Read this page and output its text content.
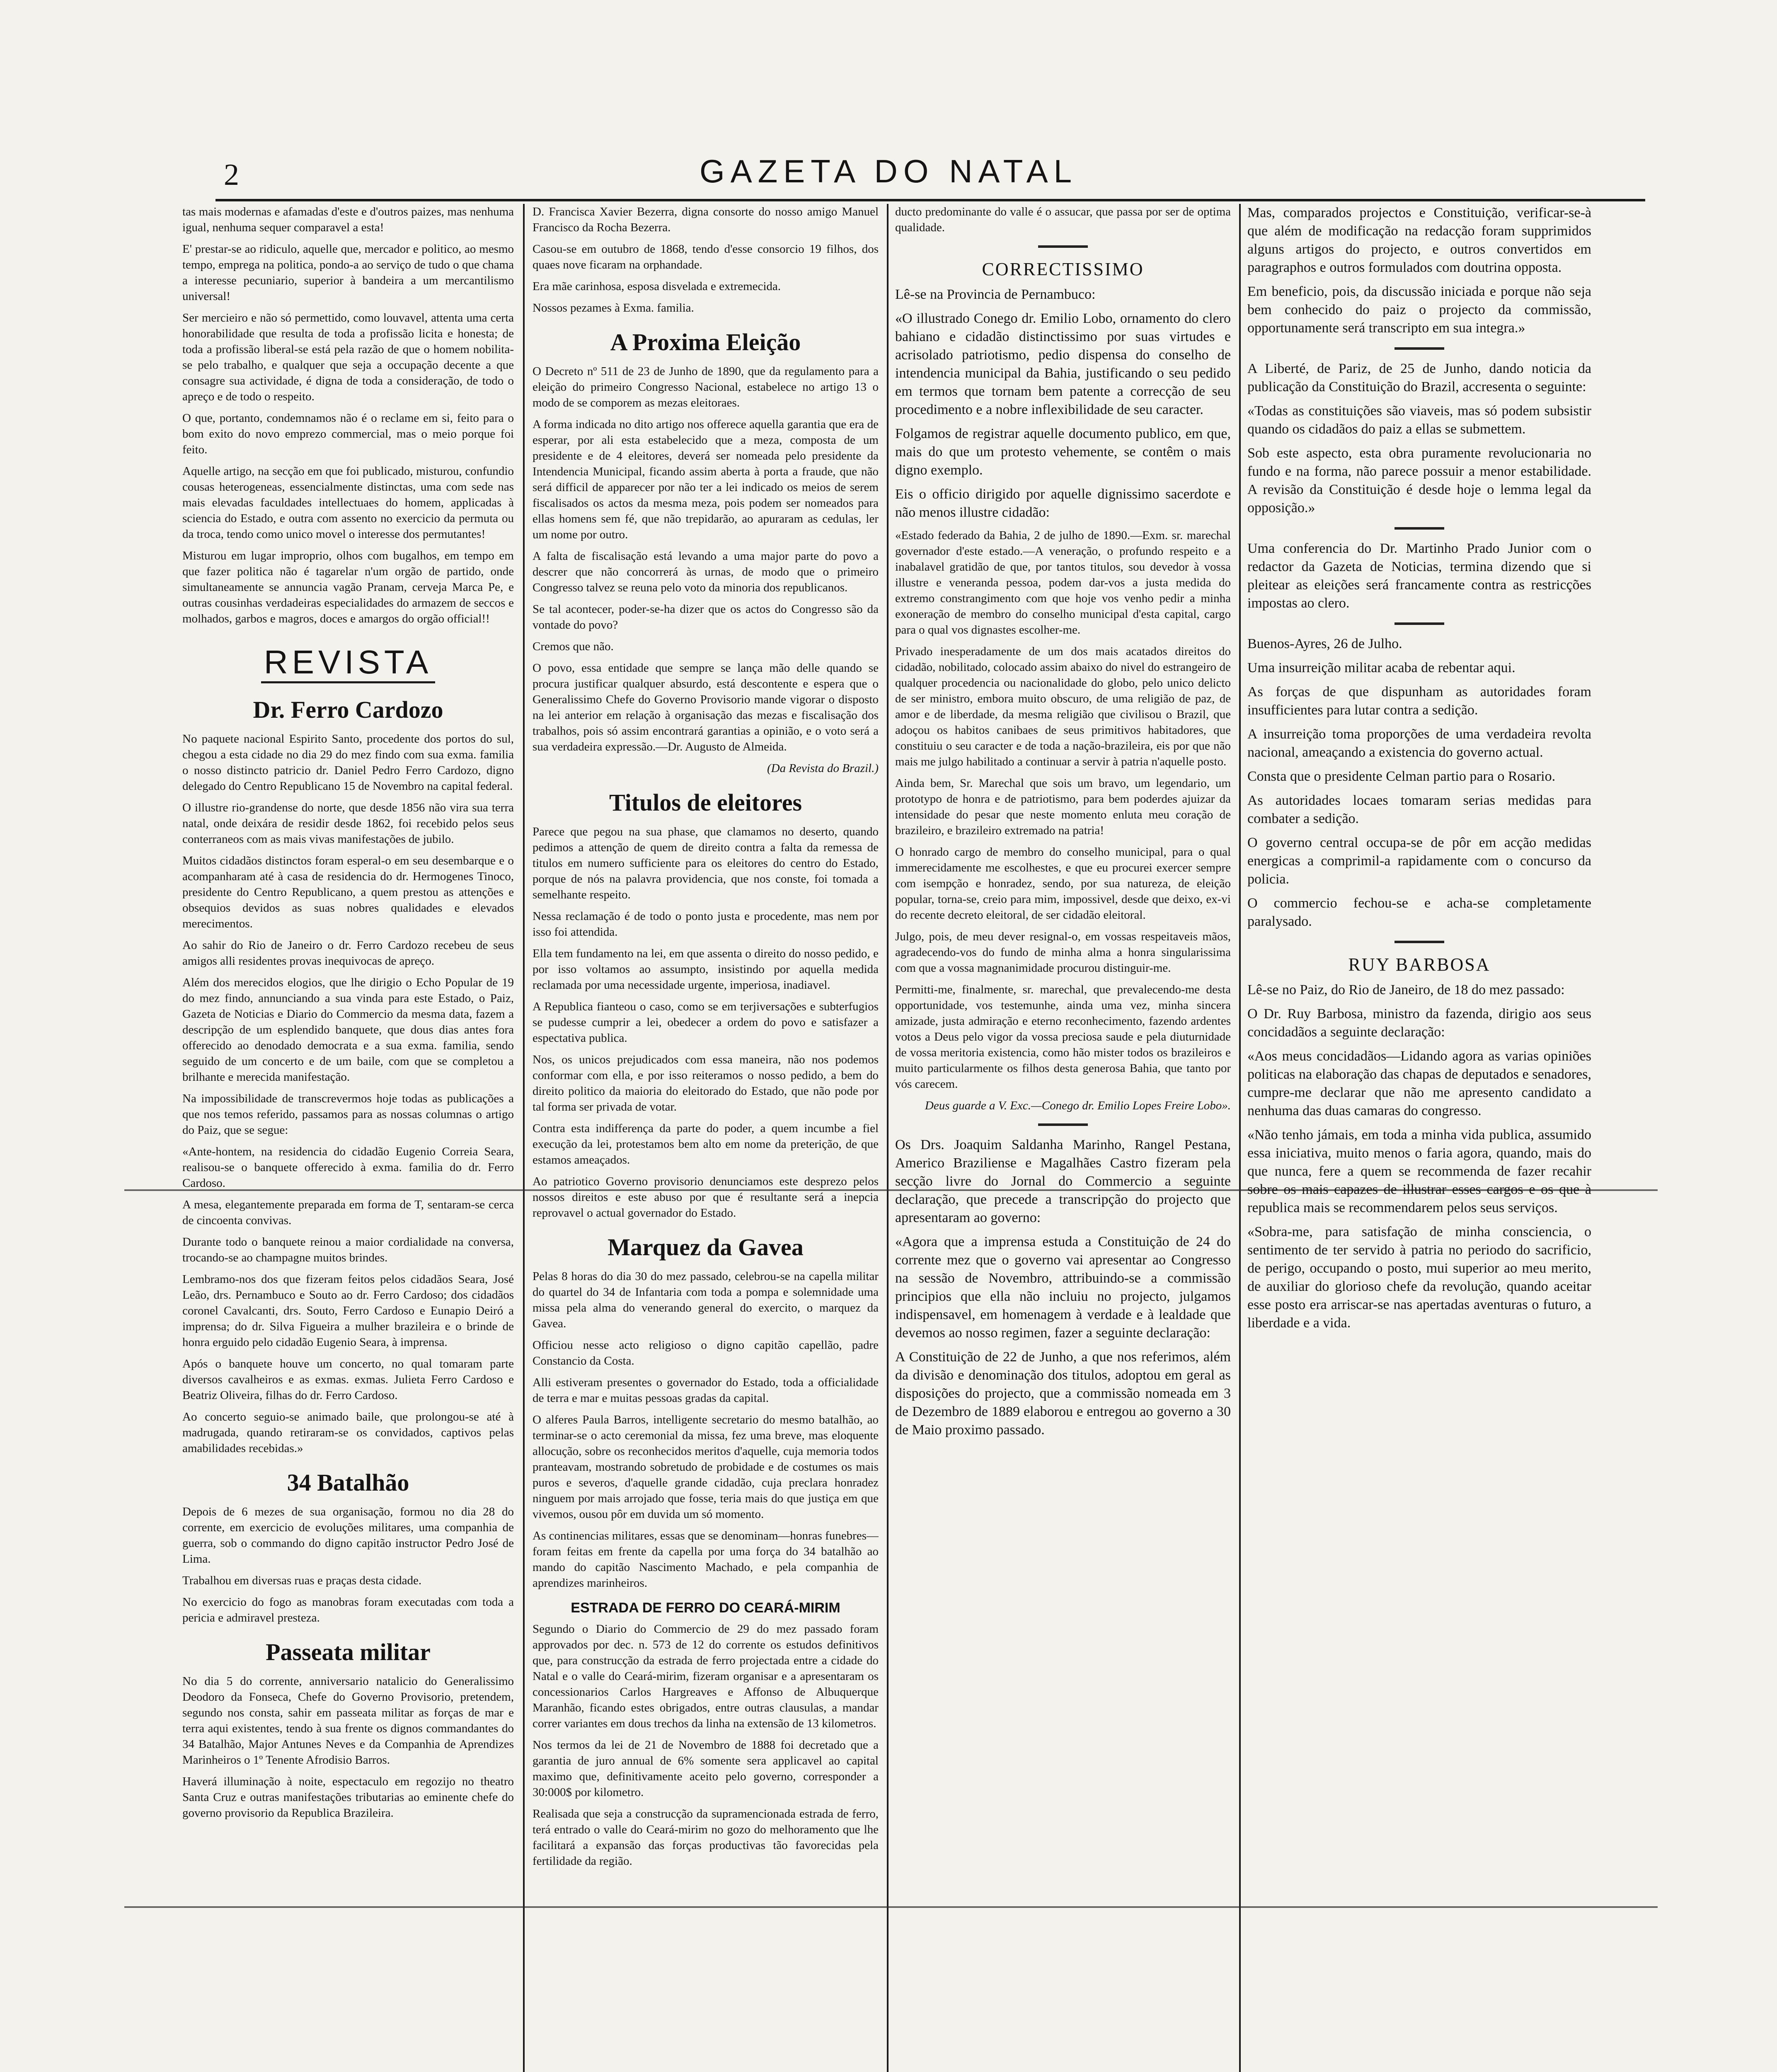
2	GAZETA DO NATAL

tas mais modernas e afamadas d'este e d'outros paizes, mas nenhuma igual, nenhuma sequer comparavel a esta!

E' prestar-se ao ridiculo, aquelle que, mercador e politico, ao mesmo tempo, emprega na politica, pondo-a ao serviço de tudo o que chama a interesse pecuniario, superior à bandeira a um mercantilismo universal!

Ser mercieiro e não só permettido, como louvavel, attenta uma certa honorabilidade que resulta de toda a profissão licita e honesta; de toda a profissão liberal-se está pela razão de que o homem nobilita-se pelo trabalho, e qualquer que seja a occupação decente a que consagre sua actividade, é digna de toda a consideração, de todo o apreço e de todo o respeito.

O que, portanto, condemnamos não é o reclame em si, feito para o bom exito do novo emprezo commercial, mas o meio porque foi feito.

Aquelle artigo, na secção em que foi publicado, misturou, confundio cousas heterogeneas, essencialmente distinctas, uma com sede nas mais elevadas faculdades intellectuaes do homem, applicadas à sciencia do Estado, e outra com assento no exercicio da permuta ou da troca, tendo como unico movel o interesse dos permutantes!

Misturou em lugar improprio, olhos com bugalhos, em tempo em que fazer politica não é tagarelar n'um orgão de partido, onde simultaneamente se annuncia vagão Pranam, cerveja Marca Pe, e outras cousinhas verdadeiras especialidades do armazem de seccos e molhados, garbos e magros, doces e amargos do orgão official!!

REVISTA
Dr. Ferro Cardozo

No paquete nacional Espirito Santo, procedente dos portos do sul, chegou a esta cidade no dia 29 do mez findo com sua exma. familia o nosso distincto patricio dr. Daniel Pedro Ferro Cardozo, digno delegado do Centro Republicano 15 de Novembro na capital federal.

O illustre rio-grandense do norte, que desde 1856 não vira sua terra natal, onde deixára de residir desde 1862, foi recebido pelos seus conterraneos com as mais vivas manifestações de jubilo.

Muitos cidadãos distinctos foram esperal-o em seu desembarque e o acompanharam até à casa de residencia do dr. Hermogenes Tinoco, presidente do Centro Republicano, a quem prestou as attenções e obsequios devidos as suas nobres qualidades e elevados merecimentos.

Ao sahir do Rio de Janeiro o dr. Ferro Cardozo recebeu de seus amigos alli residentes provas inequivocas de apreço.

Além dos merecidos elogios, que lhe dirigio o Echo Popular de 19 do mez findo, annunciando a sua vinda para este Estado, o Paiz, Gazeta de Noticias e Diario do Commercio da mesma data, fazem a descripção de um esplendido banquete, que dous dias antes fora offerecido ao denodado democrata e a sua exma. familia, sendo seguido de um concerto e de um baile, com que se completou a brilhante e merecida manifestação.

Na impossibilidade de transcrevermos hoje todas as publicações a que nos temos referido, passamos para as nossas columnas o artigo do Paiz, que se segue:

«Ante-hontem, na residencia do cidadão Eugenio Correia Seara, realisou-se o banquete offerecido à exma. familia do dr. Ferro Cardoso.

A mesa, elegantemente preparada em forma de T, sentaram-se cerca de cincoenta convivas.

Durante todo o banquete reinou a maior cordialidade na conversa, trocando-se ao champagne muitos brindes.

Lembramo-nos dos que fizeram feitos pelos cidadãos Seara, José Leão, drs. Pernambuco e Souto ao dr. Ferro Cardoso; dos cidadãos coronel Cavalcanti, drs. Souto, Ferro Cardoso e Eunapio Deiró a imprensa; do dr. Silva Figueira a mulher brazileira e o brinde de honra erguido pelo cidadão Eugenio Seara, à imprensa.

Após o banquete houve um concerto, no qual tomaram parte diversos cavalheiros e as exmas. exmas. Julieta Ferro Cardoso e Beatriz Oliveira, filhas do dr. Ferro Cardoso.

Ao concerto seguio-se animado baile, que prolongou-se até à madrugada, quando retiraram-se os convidados, captivos pelas amabilidades recebidas.»

34 Batalhão

Depois de 6 mezes de sua organisação, formou no dia 28 do corrente, em exercicio de evoluções militares, uma companhia de guerra, sob o commando do digno capitão instructor Pedro José de Lima.

Trabalhou em diversas ruas e praças desta cidade.

No exercicio do fogo as manobras foram executadas com toda a pericia e admiravel presteza.

Passeata militar

No dia 5 do corrente, anniversario natalicio do Generalissimo Deodoro da Fonseca, Chefe do Governo Provisorio, pretendem, segundo nos consta, sahir em passeata militar as forças de mar e terra aqui existentes, tendo à sua frente os dignos commandantes do 34 Batalhão, Major Antunes Neves e da Companhia de Aprendizes Marinheiros o 1º Tenente Afrodisio Barros.

Haverá illuminação à noite, espectaculo em regozijo no theatro Santa Cruz e outras manifestações tributarias ao eminente chefe do governo provisorio da Republica Brazileira.

D. Francisca Xavier Bezerra, digna consorte do nosso amigo Manuel Francisco da Rocha Bezerra.

Casou-se em outubro de 1868, tendo d'esse consorcio 19 filhos, dos quaes nove ficaram na orphandade.

Era mãe carinhosa, esposa disvelada e extremecida.

Nossos pezames à Exma. familia.

A Proxima Eleição

O Decreto nº 511 de 23 de Junho de 1890, que da regulamento para a eleição do primeiro Congresso Nacional, estabelece no artigo 13 o modo de se comporem as mezas eleitoraes.

A forma indicada no dito artigo nos offerece aquella garantia que era de esperar, por ali esta estabelecido que a meza, composta de um presidente e de 4 eleitores, deverá ser nomeada pelo presidente da Intendencia Municipal, ficando assim aberta à porta a fraude, que não será difficil de apparecer por não ter a lei indicado os meios de serem fiscalisados os actos da mesma meza, pois podem ser nomeados para ellas homens sem fé, que não trepidarão, ao apuraram as cedulas, ler um nome por outro.

A falta de fiscalisação está levando a uma major parte do povo a descrer que não concorrerá às urnas, de modo que o primeiro Congresso talvez se reuna pelo voto da minoria dos republicanos.

Se tal acontecer, poder-se-ha dizer que os actos do Congresso são da vontade do povo?

Cremos que não.

O povo, essa entidade que sempre se lança mão delle quando se procura justificar qualquer absurdo, está descontente e espera que o Generalissimo Chefe do Governo Provisorio mande vigorar o disposto na lei anterior em relação à organisação das mezas e fiscalisação dos trabalhos, pois só assim encontrará garantias a opinião, e o voto será a sua verdadeira expressão.—Dr. Augusto de Almeida.

(Da Revista do Brazil.)

Titulos de eleitores

Parece que pegou na sua phase, que clamamos no deserto, quando pedimos a attenção de quem de direito contra a falta da remessa de titulos em numero sufficiente para os eleitores do centro do Estado, porque de nós na palavra providencia, que nos conste, foi tomada a semelhante respeito.

Nessa reclamação é de todo o ponto justa e procedente, mas nem por isso foi attendida.

Ella tem fundamento na lei, em que assenta o direito do nosso pedido, e por isso voltamos ao assumpto, insistindo por aquella medida reclamada por uma necessidade urgente, imperiosa, inadiavel.

A Republica fianteou o caso, como se em terjiversações e subterfugios se pudesse cumprir a lei, obedecer a ordem do povo e satisfazer a espectativa publica.

Nos, os unicos prejudicados com essa maneira, não nos podemos conformar com ella, e por isso reiteramos o nosso pedido, a bem do direito politico da maioria do eleitorado do Estado, que não pode por tal forma ser privada de votar.

Contra esta indifferença da parte do poder, a quem incumbe a fiel execução da lei, protestamos bem alto em nome da preterição, de que estamos ameaçados.

Ao patriotico Governo provisorio denunciamos este desprezo pelos nossos direitos e este abuso por que é resultante será a inepcia reprovavel o actual governador do Estado.

Marquez da Gavea

Pelas 8 horas do dia 30 do mez passado, celebrou-se na capella militar do quartel do 34 de Infantaria com toda a pompa e solemnidade uma missa pela alma do venerando general do exercito, o marquez da Gavea.

Officiou nesse acto religioso o digno capitão capellão, padre Constancio da Costa.

Alli estiveram presentes o governador do Estado, toda a officialidade de terra e mar e muitas pessoas gradas da capital.

O alferes Paula Barros, intelligente secretario do mesmo batalhão, ao terminar-se o acto ceremonial da missa, fez uma breve, mas eloquente allocução, sobre os reconhecidos meritos d'aquelle, cuja memoria todos pranteavam, mostrando sobretudo de probidade e de costumes os mais puros e severos, d'aquelle grande cidadão, cuja preclara honradez ninguem por mais arrojado que fosse, teria mais do que justiça em que vivemos, ousou pôr em duvida um só momento.

As continencias militares, essas que se denominam—honras funebres—foram feitas em frente da capella por uma força do 34 batalhão ao mando do capitão Nascimento Machado, e pela companhia de aprendizes marinheiros.

ESTRADA DE FERRO DO CEARÁ-MIRIM

Segundo o Diario do Commercio de 29 do mez passado foram approvados por dec. n. 573 de 12 do corrente os estudos definitivos que, para construcção da estrada de ferro projectada entre a cidade do Natal e o valle do Ceará-mirim, fizeram organisar e a apresentaram os concessionarios Carlos Hargreaves e Affonso de Albuquerque Maranhão, ficando estes obrigados, entre outras clausulas, a mandar correr variantes em dous trechos da linha na extensão de 13 kilometros.

Nos termos da lei de 21 de Novembro de 1888 foi decretado que a garantia de juro annual de 6% somente sera applicavel ao capital maximo que, definitivamente aceito pelo governo, corresponder a 30:000$ por kilometro.

Realisada que seja a construcção da supramencionada estrada de ferro, terá entrado o valle do Ceará-mirim no gozo do melhoramento que lhe facilitará a expansão das forças productivas tão favorecidas pela fertilidade da região.

ducto predominante do valle é o assucar, que passa por ser de optima qualidade.

CORRECTISSIMO

Lê-se na Provincia de Pernambuco:

«O illustrado Conego dr. Emilio Lobo, ornamento do clero bahiano e cidadão distinctissimo por suas virtudes e acrisolado patriotismo, pedio dispensa do conselho de intendencia municipal da Bahia, justificando o seu pedido em termos que tornam bem patente a correcção de seu procedimento e a nobre inflexibilidade de seu caracter.

Folgamos de registrar aquelle documento publico, em que, mais do que um protesto vehemente, se contêm o mais digno exemplo.

Eis o officio dirigido por aquelle dignissimo sacerdote e não menos illustre cidadão:

«Estado federado da Bahia, 2 de julho de 1890.—Exm. sr. marechal governador d'este estado.—A veneração, o profundo respeito e a inabalavel gratidão de que, por tantos titulos, sou devedor à vossa illustre e veneranda pessoa, podem dar-vos a justa medida do extremo constrangimento com que hoje vos venho pedir a minha exoneração de membro do conselho municipal d'esta capital, cargo para o qual vos dignastes escolher-me.

Privado inesperadamente de um dos mais acatados direitos do cidadão, nobilitado, colocado assim abaixo do nivel do estrangeiro de qualquer procedencia ou nacionalidade do globo, pelo unico delicto de ser ministro, embora muito obscuro, de uma religião de paz, de amor e de liberdade, da mesma religião que civilisou o Brazil, que adoçou os habitos canibaes de seus primitivos habitadores, que constituiu o seu caracter e de toda a nação-brazileira, eis por que não mais me julgo habilitado a continuar a servir à patria n'aquelle posto.

Ainda bem, Sr. Marechal que sois um bravo, um legendario, um prototypo de honra e de patriotismo, para bem poderdes ajuizar da intensidade do pesar que neste momento enluta meu coração de brazileiro, e brazileiro extremado na patria!

O honrado cargo de membro do conselho municipal, para o qual immerecidamente me escolhestes, e que eu procurei exercer sempre com isempção e honradez, sendo, por sua natureza, de eleição popular, torna-se, creio para mim, impossivel, desde que deixo, ex-vi do recente decreto eleitoral, de ser cidadão eleitoral.

Julgo, pois, de meu dever resignal-o, em vossas respeitaveis mãos, agradecendo-vos do fundo de minha alma a honra singularissima com que a vossa magnanimidade procurou distinguir-me.

Permitti-me, finalmente, sr. marechal, que prevalecendo-me desta opportunidade, vos testemunhe, ainda uma vez, minha sincera amizade, justa admiração e eterno reconhecimento, fazendo ardentes votos a Deus pelo vigor da vossa preciosa saude e pela diuturnidade de vossa meritoria existencia, como hão mister todos os brazileiros e muito particularmente os filhos desta generosa Bahia, que tanto por vós carecem.

Deus guarde a V. Exc.—Conego dr. Emilio Lopes Freire Lobo».

Os Drs. Joaquim Saldanha Marinho, Rangel Pestana, Americo Braziliense e Magalhães Castro fizeram pela secção livre do Jornal do Commercio a seguinte declaração, que precede a transcripção do projecto que apresentaram ao governo:

«Agora que a imprensa estuda a Constituição de 24 do corrente mez que o governo vai apresentar ao Congresso na sessão de Novembro, attribuindo-se a commissão principios que ella não incluiu no projecto, julgamos indispensavel, em homenagem à verdade e à lealdade que devemos ao nosso regimen, fazer a seguinte declaração:

A Constituição de 22 de Junho, a que nos referimos, além da divisão e denominação dos titulos, adoptou em geral as disposições do projecto, que a commissão nomeada em 3 de Dezembro de 1889 elaborou e entregou ao governo a 30 de Maio proximo passado.

Mas, comparados projectos e Constituição, verificar-se-à que além de modificação na redacção foram supprimidos alguns artigos do projecto, e outros convertidos em paragraphos e outros formulados com doutrina opposta.

Em beneficio, pois, da discussão iniciada e porque não seja bem conhecido do paiz o projecto da commissão, opportunamente será transcripto em sua integra.»

A Liberté, de Pariz, de 25 de Junho, dando noticia da publicação da Constituição do Brazil, accresenta o seguinte:

«Todas as constituições são viaveis, mas só podem subsistir quando os cidadãos do paiz a ellas se submettem.

Sob este aspecto, esta obra puramente revolucionaria no fundo e na forma, não parece possuir a menor estabilidade. A revisão da Constituição é desde hoje o lemma legal da opposição.»

Uma conferencia do Dr. Martinho Prado Junior com o redactor da Gazeta de Noticias, termina dizendo que si pleitear as eleições será francamente contra as restricções impostas ao clero.

Buenos-Ayres, 26 de Julho.

Uma insurreição militar acaba de rebentar aqui.

As forças de que dispunham as autoridades foram insufficientes para lutar contra a sedição.

A insurreição toma proporções de uma verdadeira revolta nacional, ameaçando a existencia do governo actual.

Consta que o presidente Celman partio para o Rosario.

As autoridades locaes tomaram serias medidas para combater a sedição.

O governo central occupa-se de pôr em acção medidas energicas a comprimil-a rapidamente com o concurso da policia.

O commercio fechou-se e acha-se completamente paralysado.

RUY BARBOSA

Lê-se no Paiz, do Rio de Janeiro, de 18 do mez passado:

O Dr. Ruy Barbosa, ministro da fazenda, dirigio aos seus concidadãos a seguinte declaração:

«Aos meus concidadãos—Lidando agora as varias opiniões politicas na elaboração das chapas de deputados e senadores, cumpre-me declarar que não me apresento candidato a nenhuma das duas camaras do congresso.

«Não tenho jámais, em toda a minha vida publica, assumido essa iniciativa, muito menos o faria agora, quando, mais do que nunca, fere a quem se recommenda de fazer recahir sobre os mais capazes de illustrar esses cargos e os que à republica mais se recommendarem pelos seus serviços.

«Sobra-me, para satisfação de minha consciencia, o sentimento de ter servido à patria no periodo do sacrificio, de perigo, occupando o posto, mui superior ao meu merito, de auxiliar do glorioso chefe da revolução, quando aceitar esse posto era arriscar-se nas apertadas aventuras o futuro, a liberdade e a vida.
